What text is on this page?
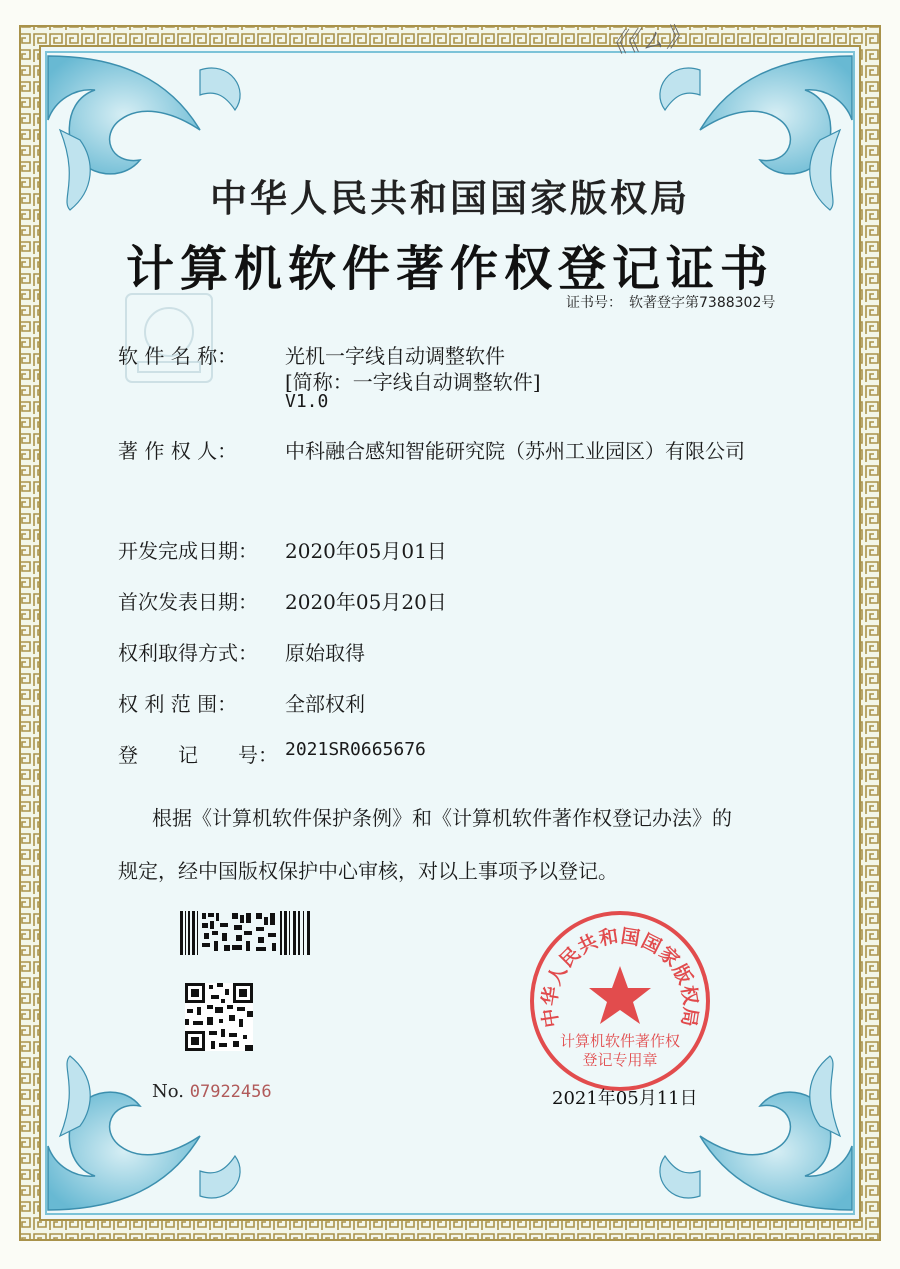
《《ㄙ》
中华人民共和国国家版权局
计算机软件著作权登记证书
证书号：　软著登字第7388302号
软 件 名 称： 光机一字线自动调整软件
[简称：一字线自动调整软件]
V1.0
著 作 权 人： 中科融合感知智能研究院（苏州工业园区）有限公司
开发完成日期： 2020年05月01日
首次发表日期： 2020年05月20日
权利取得方式： 原始取得
权 利 范 围： 全部权利
登　　记　　号： 2021SR0665676
根据《计算机软件保护条例》和《计算机软件著作权登记办法》的
规定，经中国版权保护中心审核，对以上事项予以登记。
No. 07922456
中华人民共和国国家版权局
计算机软件著作权
登记专用章
2021年05月11日
